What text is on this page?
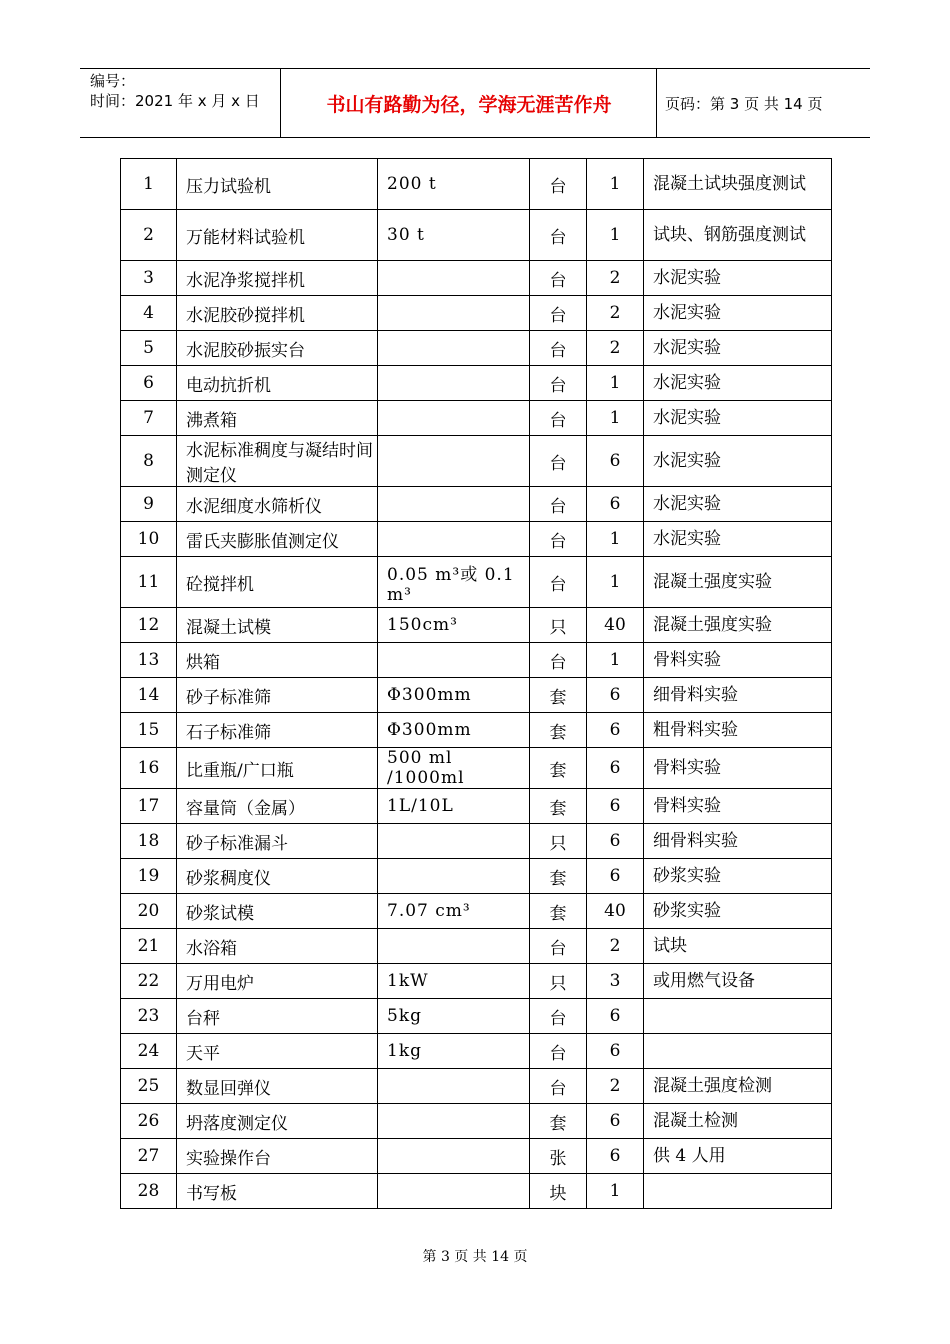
编号：
时间：2021 年 x 月 x 日	书山有路勤为径，学海无涯苦作舟	页码：第 3 页 共 14 页
1	压力试验机	200 t	台	1	混凝土试块强度测试
2	万能材料试验机	30 t	台	1	试块、钢筋强度测试
3	水泥净浆搅拌机		台	2	水泥实验
4	水泥胶砂搅拌机		台	2	水泥实验
5	水泥胶砂振实台		台	2	水泥实验
6	电动抗折机		台	1	水泥实验
7	沸煮箱		台	1	水泥实验
8	水泥标准稠度与凝结时间测定仪		台	6	水泥实验
9	水泥细度水筛析仪		台	6	水泥实验
10	雷氏夹膨胀值测定仪		台	1	水泥实验
11	砼搅拌机	0.05 m³或 0.1 m³	台	1	混凝土强度实验
12	混凝土试模	150cm³	只	40	混凝土强度实验
13	烘箱		台	1	骨料实验
14	砂子标准筛	Φ300mm	套	6	细骨料实验
15	石子标准筛	Φ300mm	套	6	粗骨料实验
16	比重瓶/广口瓶	500 ml /1000ml	套	6	骨料实验
17	容量筒（金属）	1L/10L	套	6	骨料实验
18	砂子标准漏斗		只	6	细骨料实验
19	砂浆稠度仪		套	6	砂浆实验
20	砂浆试模	7.07 cm³	套	40	砂浆实验
21	水浴箱		台	2	试块
22	万用电炉	1kW	只	3	或用燃气设备
23	台秤	5kg	台	6	
24	天平	1kg	台	6	
25	数显回弹仪		台	2	混凝土强度检测
26	坍落度测定仪		套	6	混凝土检测
27	实验操作台		张	6	供 4 人用
28	书写板		块	1	
第 3 页 共 14 页
